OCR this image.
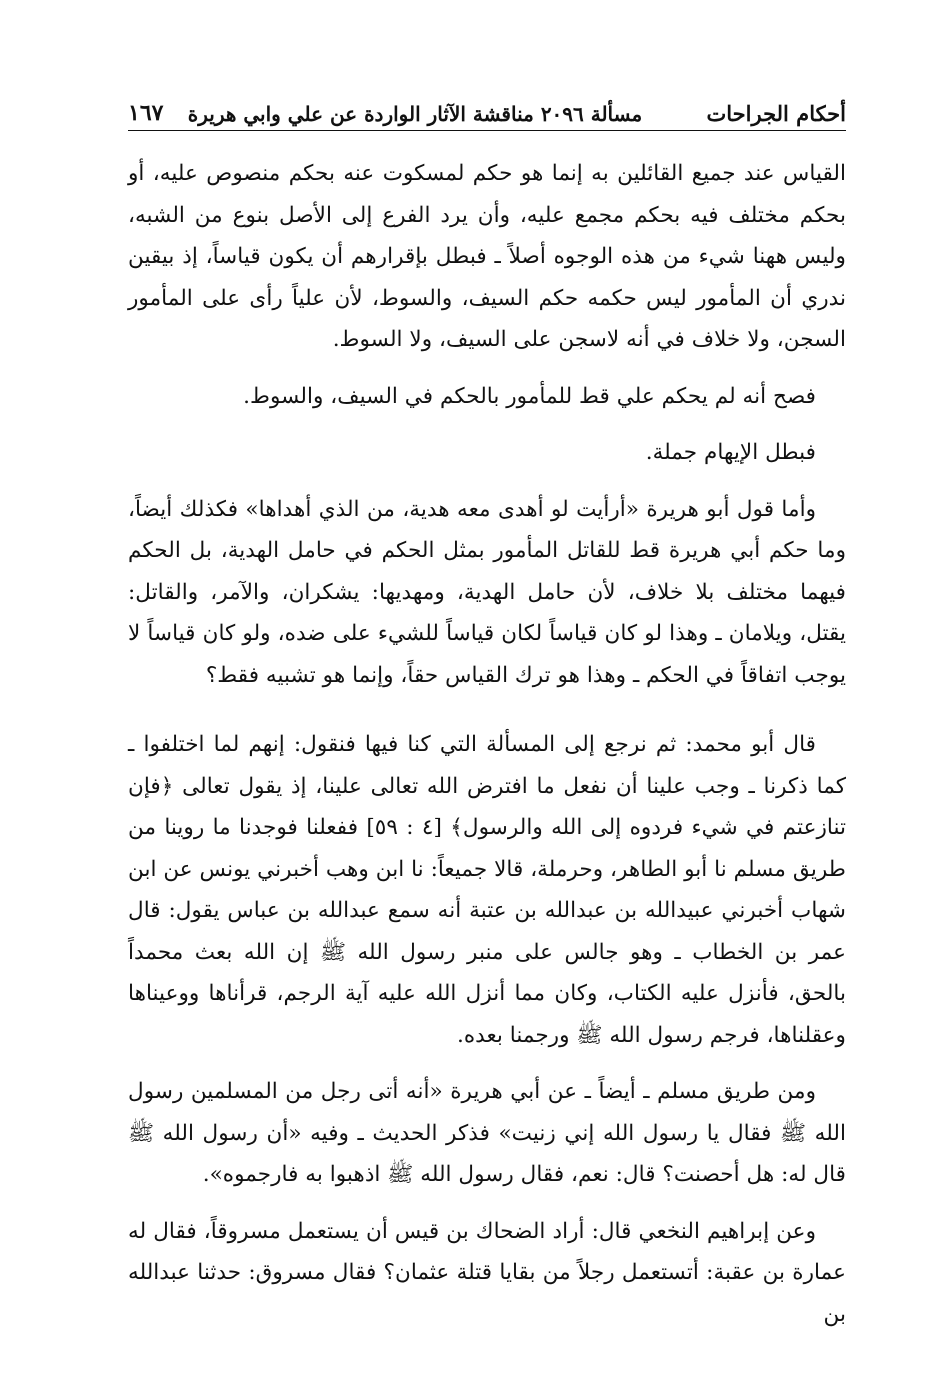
أحكام الجراحات
مسألة ٢٠٩٦ مناقشة الآثار الواردة عن علي وابي هريرة
١٦٧

القياس عند جميع القائلين به إنما هو حكم لمسكوت عنه بحكم منصوص عليه، أو بحكم مختلف فيه بحكم مجمع عليه، وأن يرد الفرع إلى الأصل بنوع من الشبه، وليس ههنا شيء من هذه الوجوه أصلاً ـ فبطل بإقرارهم أن يكون قياساً، إذ بيقين ندري أن المأمور ليس حكمه حكم السيف، والسوط، لأن علياً رأى على المأمور السجن، ولا خلاف في أنه لاسجن على السيف، ولا السوط.

فصح أنه لم يحكم علي قط للمأمور بالحكم في السيف، والسوط.

فبطل الإيهام جملة.

وأما قول أبو هريرة «أرأيت لو أهدى معه هدية، من الذي أهداها» فكذلك أيضاً، وما حكم أبي هريرة قط للقاتل المأمور بمثل الحكم في حامل الهدية، بل الحكم فيهما مختلف بلا خلاف، لأن حامل الهدية، ومهديها: يشكران، والآمر، والقاتل: يقتل، ويلامان ـ وهذا لو كان قياساً لكان قياساً للشيء على ضده، ولو كان قياساً لا يوجب اتفاقاً في الحكم ـ وهذا هو ترك القياس حقاً، وإنما هو تشبيه فقط؟

قال أبو محمد: ثم نرجع إلى المسألة التي كنا فيها فنقول: إنهم لما اختلفوا ـ كما ذكرنا ـ وجب علينا أن نفعل ما افترض الله تعالى علينا، إذ يقول تعالى ﴿فإن تنازعتم في شيء فردوه إلى الله والرسول﴾ [٤ : ٥٩] ففعلنا فوجدنا ما روينا من طريق مسلم نا أبو الطاهر، وحرملة، قالا جميعاً: نا ابن وهب أخبرني يونس عن ابن شهاب أخبرني عبيدالله بن عبدالله بن عتبة أنه سمع عبدالله بن عباس يقول: قال عمر بن الخطاب ـ وهو جالس على منبر رسول الله ﷺ إن الله بعث محمداً بالحق، فأنزل عليه الكتاب، وكان مما أنزل الله عليه آية الرجم، قرأناها ووعيناها وعقلناها، فرجم رسول الله ﷺ ورجمنا بعده.

ومن طريق مسلم ـ أيضاً ـ عن أبي هريرة «أنه أتى رجل من المسلمين رسول الله ﷺ فقال يا رسول الله إني زنيت» فذكر الحديث ـ وفيه «أن رسول الله ﷺ قال له: هل أحصنت؟ قال: نعم، فقال رسول الله ﷺ اذهبوا به فارجموه».

وعن إبراهيم النخعي قال: أراد الضحاك بن قيس أن يستعمل مسروقاً، فقال له عمارة بن عقبة: أتستعمل رجلاً من بقايا قتلة عثمان؟ فقال مسروق: حدثنا عبدالله بن
